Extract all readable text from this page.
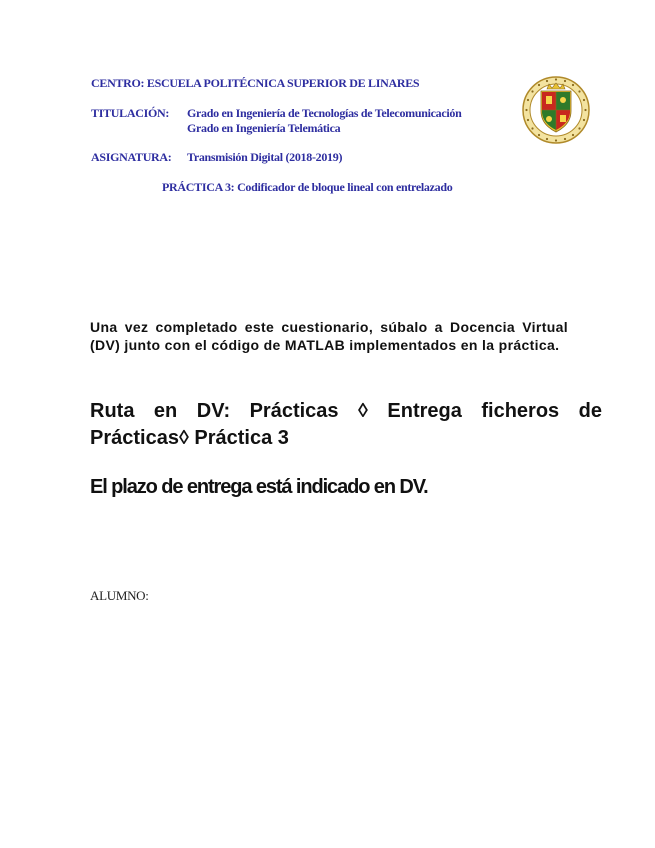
CENTRO: ESCUELA POLITÉCNICA SUPERIOR DE LINARES
TITULACIÓN: Grado en Ingeniería de Tecnologías de Telecomunicación
Grado en Ingeniería Telemática
ASIGNATURA: Transmisión Digital (2018-2019)
PRÁCTICA 3: Codificador de bloque lineal con entrelazado
Una vez completado este cuestionario, súbalo a Docencia Virtual (DV) junto con el código de MATLAB implementados en la práctica.
Ruta en DV: Prácticas ◊ Entrega ficheros de Prácticas◊ Práctica 3
El plazo de entrega está indicado en DV.
ALUMNO:
